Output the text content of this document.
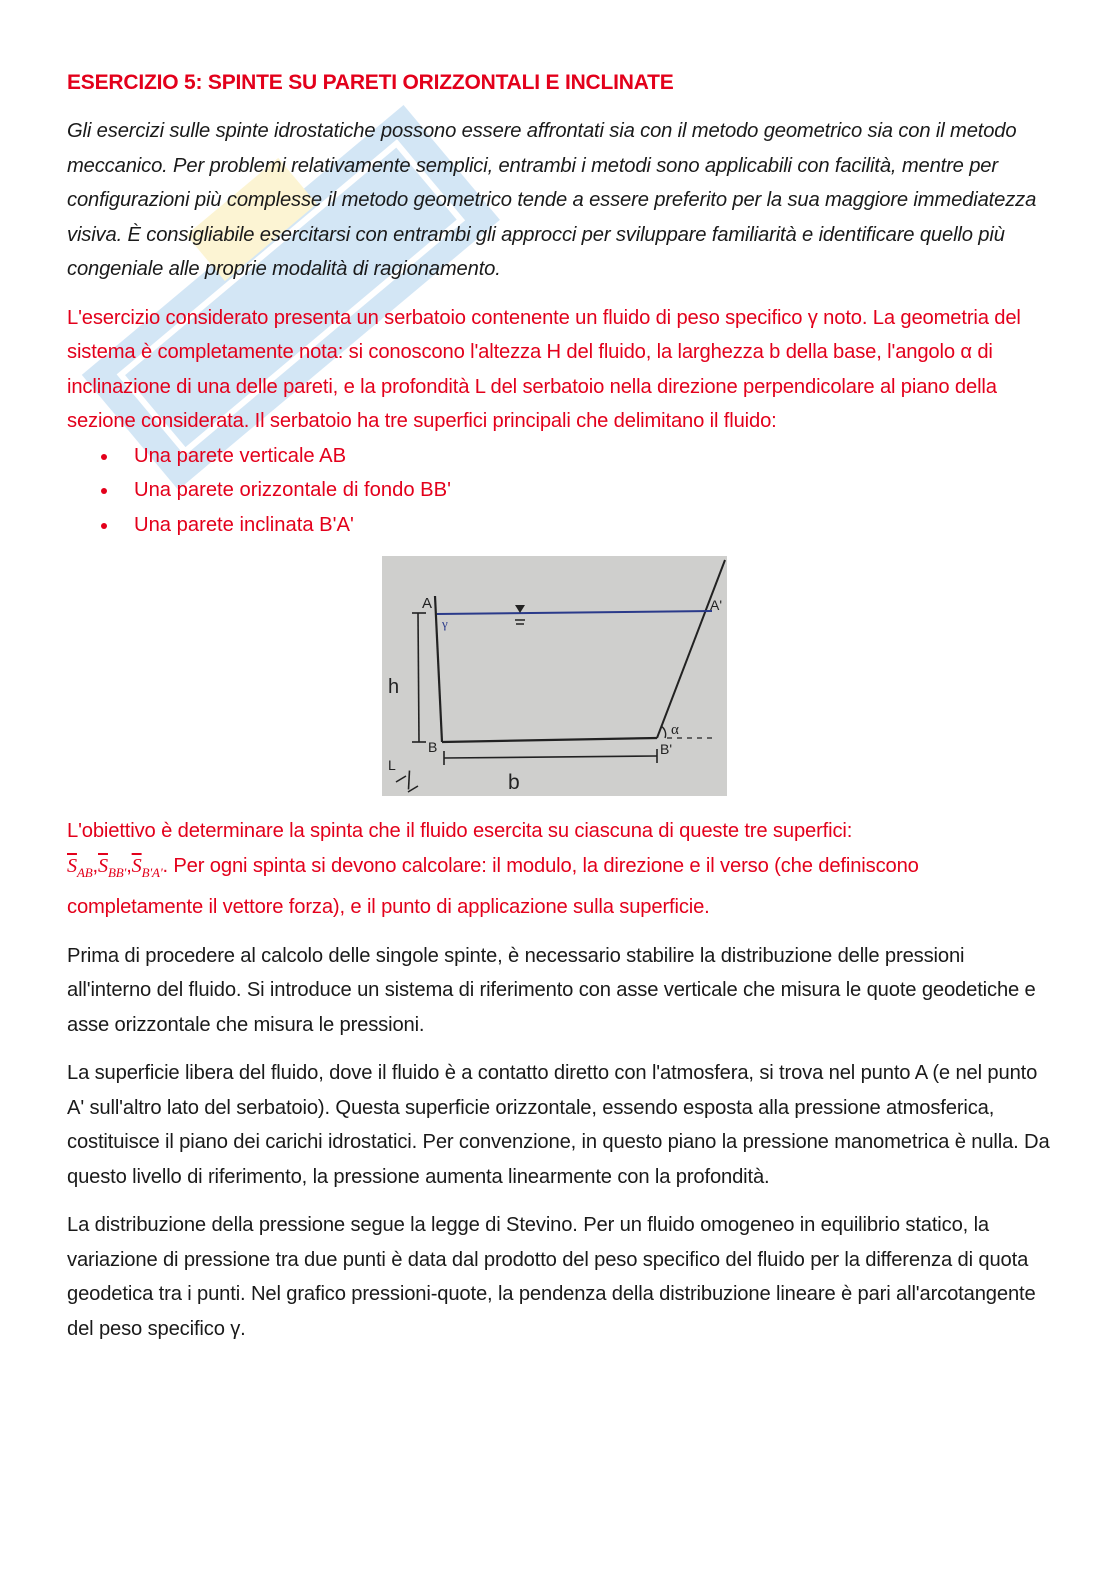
ESERCIZIO 5: SPINTE SU PARETI ORIZZONTALI E INCLINATE

Gli esercizi sulle spinte idrostatiche possono essere affrontati sia con il metodo geometrico sia con il metodo meccanico. Per problemi relativamente semplici, entrambi i metodi sono applicabili con facilità, mentre per configurazioni più complesse il metodo geometrico tende a essere preferito per la sua maggiore immediatezza visiva. È consigliabile esercitarsi con entrambi gli approcci per sviluppare familiarità e identificare quello più congeniale alle proprie modalità di ragionamento.

L'esercizio considerato presenta un serbatoio contenente un fluido di peso specifico γ noto. La geometria del sistema è completamente nota: si conoscono l'altezza H del fluido, la larghezza b della base, l'angolo α di inclinazione di una delle pareti, e la profondità L del serbatoio nella direzione perpendicolare al piano della sezione considerata. Il serbatoio ha tre superfici principali che delimitano il fluido:

Una parete verticale AB
Una parete orizzontale di fondo BB'
Una parete inclinata B'A'
A	A'
B	B'
h
b
L
γ
α

L'obiettivo è determinare la spinta che il fluido esercita su ciascuna di queste tre superfici:
$\overline{S}_{AB},\overline{S}_{BB'},\overline{S}_{B'A'}$. Per ogni spinta si devono calcolare: il modulo, la direzione e il verso (che definiscono completamente il vettore forza), e il punto di applicazione sulla superficie.

Prima di procedere al calcolo delle singole spinte, è necessario stabilire la distribuzione delle pressioni all'interno del fluido. Si introduce un sistema di riferimento con asse verticale che misura le quote geodetiche e asse orizzontale che misura le pressioni.

La superficie libera del fluido, dove il fluido è a contatto diretto con l'atmosfera, si trova nel punto A (e nel punto A' sull'altro lato del serbatoio). Questa superficie orizzontale, essendo esposta alla pressione atmosferica, costituisce il piano dei carichi idrostatici. Per convenzione, in questo piano la pressione manometrica è nulla. Da questo livello di riferimento, la pressione aumenta linearmente con la profondità.

La distribuzione della pressione segue la legge di Stevino. Per un fluido omogeneo in equilibrio statico, la variazione di pressione tra due punti è data dal prodotto del peso specifico del fluido per la differenza di quota geodetica tra i punti. Nel grafico pressioni-quote, la pendenza della distribuzione lineare è pari all'arcotangente del peso specifico γ.
